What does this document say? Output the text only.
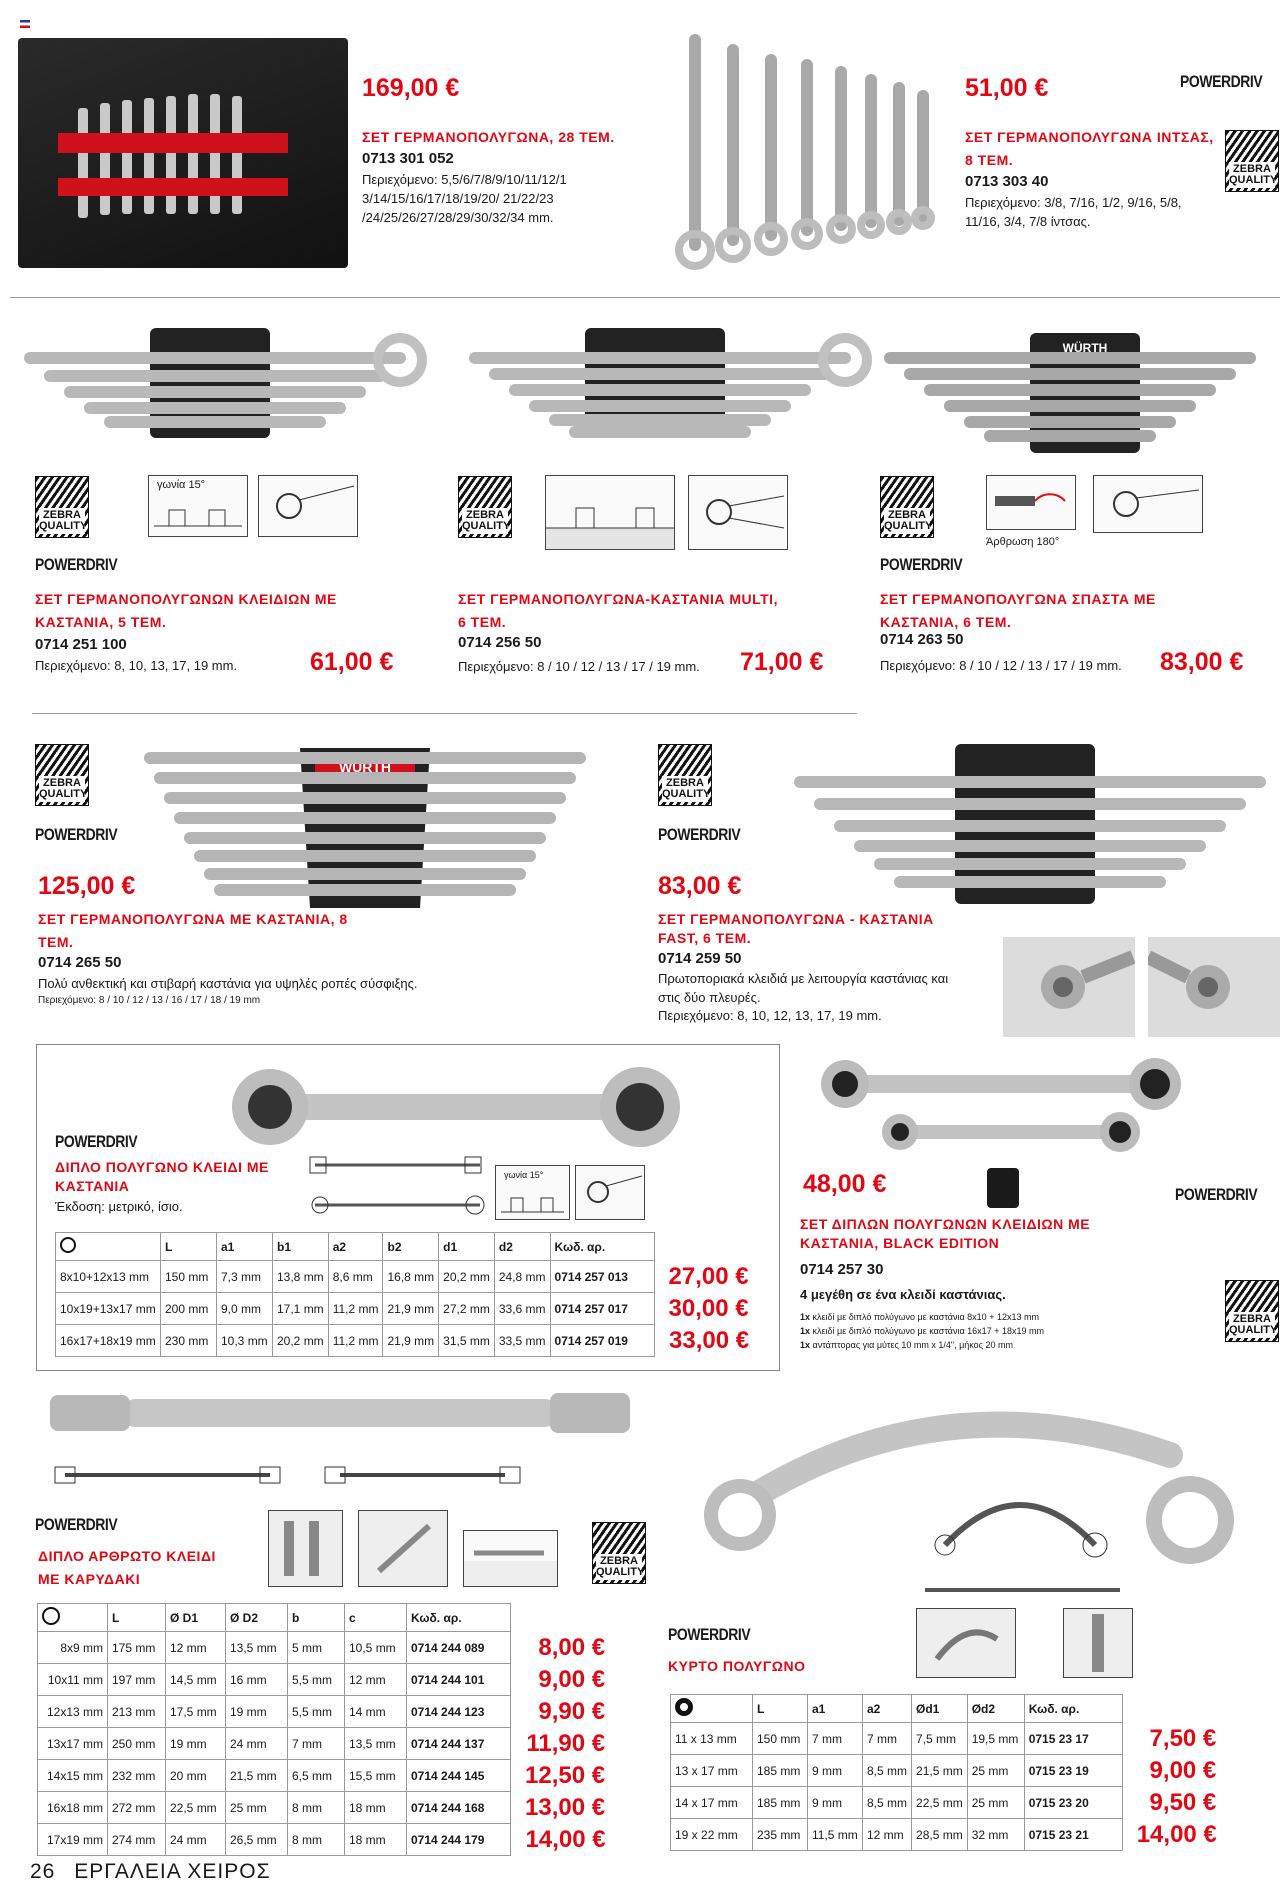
169,00 €
ΣΕΤ ΓΕΡΜΑΝΟΠΟΛΥΓΩΝΑ, 28 ΤΕΜ.
0713 301 052
Περιεχόμενο: 5,5/6/7/8/9/10/11/12/1 3/14/15/16/17/18/19/20/ 21/22/23 /24/25/26/27/28/29/30/32/34 mm.
51,00 €	POWERDRIV
ΣΕΤ ΓΕΡΜΑΝΟΠΟΛΥΓΩΝΑ ΙΝΤΣΑΣ, 8 ΤΕΜ.
ZEBRA QUALITY
0713 303 40
Περιεχόμενο: 3/8, 7/16, 1/2, 9/16, 5/8, 11/16, 3/4, 7/8 ίντσας.
WÜRTH
ZEBRA QUALITY
γωνία 15°
POWERDRIV
ΣΕΤ ΓΕΡΜΑΝΟΠΟΛΥΓΩΝΩΝ ΚΛΕΙΔΙΩΝ ΜΕ ΚΑΣΤΑΝΙΑ, 5 ΤΕΜ.
0714 251 100
Περιεχόμενο: 8, 10, 13, 17, 19 mm.	61,00 €
ZEBRA QUALITY
ΣΕΤ ΓΕΡΜΑΝΟΠΟΛΥΓΩΝΑ-ΚΑΣΤΑΝΙΑ MULTI, 6 ΤΕΜ.
0714 256 50
Περιεχόμενο: 8 / 10 / 12 / 13 / 17 / 19 mm. 71,00 €
ZEBRA QUALITY
Άρθρωση 180°
POWERDRIV
ΣΕΤ ΓΕΡΜΑΝΟΠΟΛΥΓΩΝΑ ΣΠΑΣΤΑ ΜΕ ΚΑΣΤΑΝΙΑ, 6 ΤΕΜ.
0714 263 50
Περιεχόμενο: 8 / 10 / 12 / 13 / 17 / 19 mm. 83,00 €
ZEBRA QUALITY
POWERDRIV
WÜRTH
125,00 €
ΣΕΤ ΓΕΡΜΑΝΟΠΟΛΥΓΩΝΑ ΜΕ ΚΑΣΤΑΝΙΑ, 8 ΤΕΜ.
0714 265 50
Πολύ ανθεκτική και στιβαρή καστάνια για υψηλές ροπές σύσφιξης.
Περιεχόμενο: 8 / 10 / 12 / 13 / 16 / 17 / 18 / 19 mm
ZEBRA QUALITY
POWERDRIV
83,00 €
ΣΕΤ ΓΕΡΜΑΝΟΠΟΛΥΓΩΝΑ - ΚΑΣΤΑΝΙΑ FAST, 6 ΤΕΜ.
0714 259 50
Πρωτοποριακά κλειδιά με λειτουργία καστάνιας και στις δύο πλευρές.
Περιεχόμενο: 8, 10, 12, 13, 17, 19 mm.
POWERDRIV
ΔΙΠΛΟ ΠΟΛΥΓΩΝΟ ΚΛΕΙΔΙ ΜΕ ΚΑΣΤΑΝΙΑ
Έκδοση: μετρικό, ίσιο.
γωνία 15°
	L	a1	b1	a2	b2	d1	d2	Κωδ. αρ.	
8x10+12x13 mm	150 mm	7,3 mm	13,8 mm	8,6 mm	16,8 mm	20,2 mm	24,8 mm	0714 257 013	27,00 €
10x19+13x17 mm	200 mm	9,0 mm	17,1 mm	11,2 mm	21,9 mm	27,2 mm	33,6 mm	0714 257 017	30,00 €
16x17+18x19 mm	230 mm	10,3 mm	20,2 mm	11,2 mm	21,9 mm	31,5 mm	33,5 mm	0714 257 019	33,00 €
48,00 €	POWERDRIV
ΣΕΤ ΔΙΠΛΩΝ ΠΟΛΥΓΩΝΩΝ ΚΛΕΙΔΙΩΝ ΜΕ ΚΑΣΤΑΝΙΑ, BLACK EDITION
0714 257 30
4 μεγέθη σε ένα κλειδί καστάνιας.
ZEBRA QUALITY
1x κλειδί με διπλό πολύγωνο με καστάνια 8x10 + 12x13 mm
1x κλειδί με διπλό πολύγωνο με καστάνια 16x17 + 18x19 mm
1x αντάπτορας για μύτες 10 mm x 1/4", μήκος 20 mm
POWERDRIV
ΔΙΠΛΟ ΑΡΘΡΩΤΟ ΚΛΕΙΔΙ ΜΕ ΚΑΡΥΔΑΚΙ
ZEBRA QUALITY
	L	Ø D1	Ø D2	b	c	Κωδ. αρ.	
8x9 mm	175 mm	12 mm	13,5 mm	5 mm	10,5 mm	0714 244 089	8,00 €
10x11 mm	197 mm	14,5 mm	16 mm	5,5 mm	12 mm	0714 244 101	9,00 €
12x13 mm	213 mm	17,5 mm	19 mm	5,5 mm	14 mm	0714 244 123	9,90 €
13x17 mm	250 mm	19 mm	24 mm	7 mm	13,5 mm	0714 244 137	11,90 €
14x15 mm	232 mm	20 mm	21,5 mm	6,5 mm	15,5 mm	0714 244 145	12,50 €
16x18 mm	272 mm	22,5 mm	25 mm	8 mm	18 mm	0714 244 168	13,00 €
17x19 mm	274 mm	24 mm	26,5 mm	8 mm	18 mm	0714 244 179	14,00 €
POWERDRIV
ΚΥΡΤΟ ΠΟΛΥΓΩΝΟ
	L	a1	a2	Ød1	Ød2	Κωδ. αρ.	
11 x 13 mm	150 mm	7 mm	7 mm	7,5 mm	19,5 mm	0715 23 17	7,50 €
13 x 17 mm	185 mm	9 mm	8,5 mm	21,5 mm	25 mm	0715 23 19	9,00 €
14 x 17 mm	185 mm	9 mm	8,5 mm	22,5 mm	25 mm	0715 23 20	9,50 €
19 x 22 mm	235 mm	11,5 mm	12 mm	28,5 mm	32 mm	0715 23 21	14,00 €
26 ΕΡΓΑΛΕΙΑ ΧΕΙΡΟΣ
